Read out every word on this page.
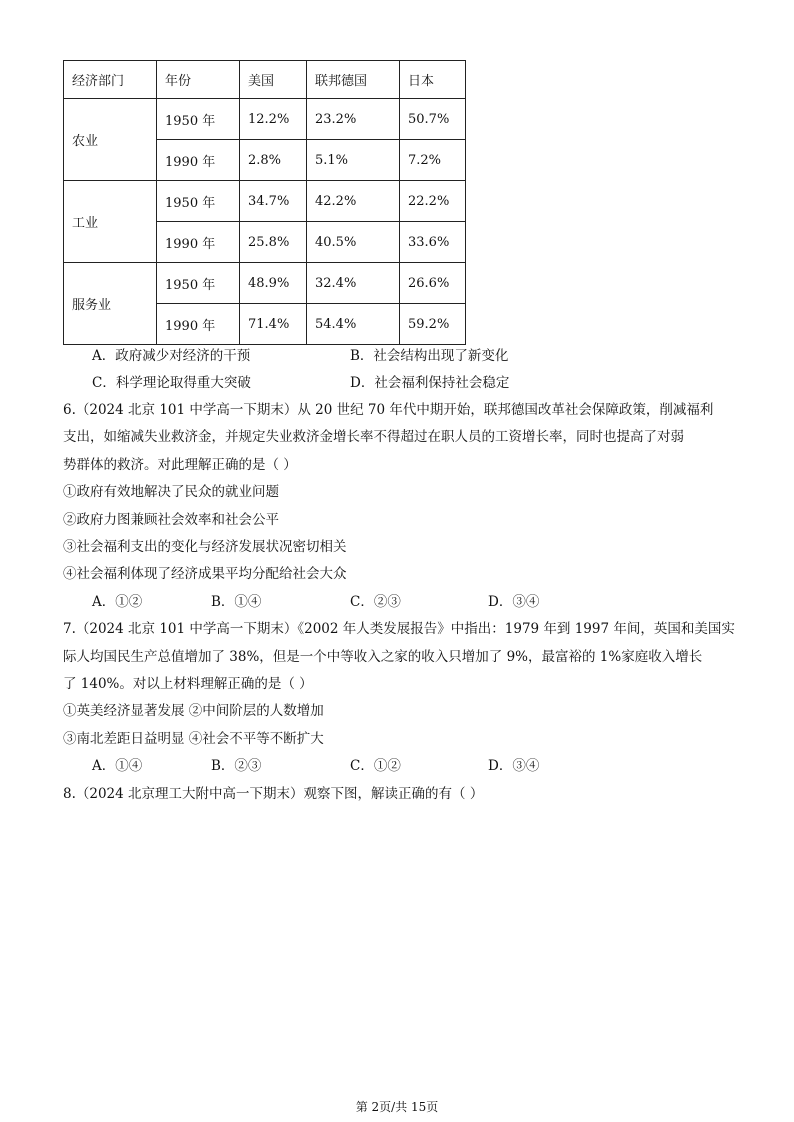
经济部门	年份	美国	联邦德国	日本
农业	1950 年	12.2%	23.2%	50.7%
	1990 年	2.8%	5.1%	7.2%
工业	1950 年	34.7%	42.2%	22.2%
	1990 年	25.8%	40.5%	33.6%
服务业	1950 年	48.9%	32.4%	26.6%
	1990 年	71.4%	54.4%	59.2%
A．政府减少对经济的干预	B．社会结构出现了新变化
C．科学理论取得重大突破	D．社会福利保持社会稳定
6.（2024 北京 101 中学高一下期末）从 20 世纪 70 年代中期开始，联邦德国改革社会保障政策，削减福利
支出，如缩减失业救济金，并规定失业救济金增长率不得超过在职人员的工资增长率，同时也提高了对弱
势群体的救济。对此理解正确的是（ ）
①政府有效地解决了民众的就业问题
②政府力图兼顾社会效率和社会公平
③社会福利支出的变化与经济发展状况密切相关
④社会福利体现了经济成果平均分配给社会大众
A．①②	B．①④	C．②③	D．③④
7.（2024 北京 101 中学高一下期末）《2002 年人类发展报告》中指出：1979 年到 1997 年间，英国和美国实
际人均国民生产总值增加了 38%，但是一个中等收入之家的收入只增加了 9%，最富裕的 1%家庭收入增长
了 140%。对以上材料理解正确的是（ ）
①英美经济显著发展 ②中间阶层的人数增加
③南北差距日益明显 ④社会不平等不断扩大
A．①④	B．②③	C．①②	D．③④
8.（2024 北京理工大附中高一下期末）观察下图，解读正确的有（ ）
第 2页/共 15页
